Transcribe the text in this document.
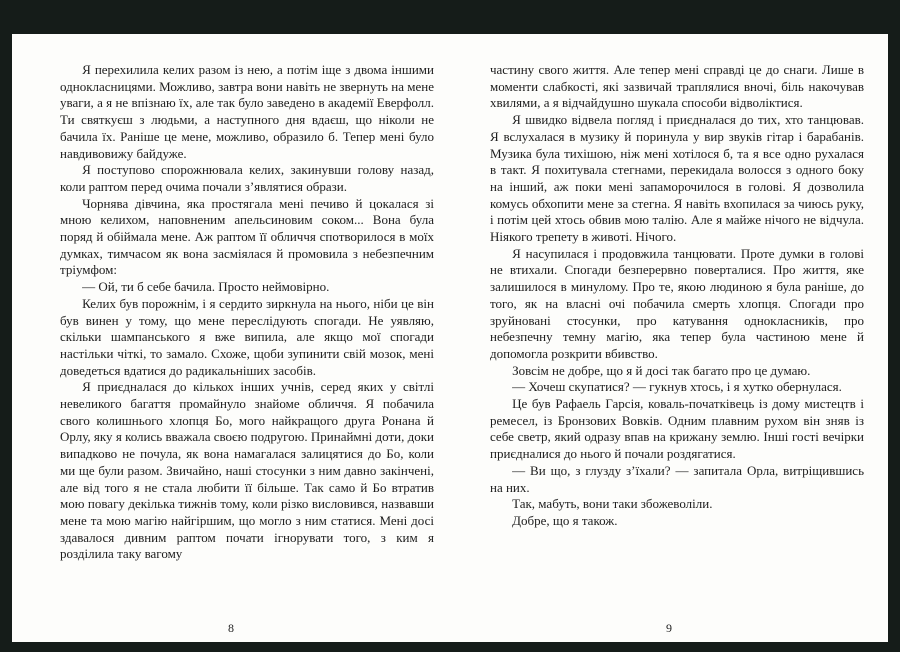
Я перехилила келих разом із нею, а потім іще з двома іншими однокласницями. Можливо, завтра вони навіть не звернуть на мене уваги, а я не впізнаю їх, але так було заведено в академії Еверфолл. Ти святкуєш з людьми, а наступного дня вдаєш, що ніколи не бачила їх. Раніше це мене, можливо, образило б. Тепер мені було навдивовижу байдуже.

Я поступово спорожнювала келих, закинувши голову назад, коли раптом перед очима почали з’являтися образи.

Чорнява дівчина, яка простягала мені печиво й цокалася зі мною келихом, наповненим апельсиновим соком... Вона була поряд й обіймала мене. Аж раптом її обличчя спотворилося в моїх думках, тимчасом як вона засміялася й промовила з небезпечним тріумфом:

— Ой, ти б себе бачила. Просто неймовірно.

Келих був порожнім, і я сердито зиркнула на нього, ніби це він був винен у тому, що мене переслідують спогади. Не уявляю, скільки шампанського я вже випила, але якщо мої спогади настільки чіткі, то замало. Схоже, щоби зупинити свій мозок, мені доведеться вдатися до радикальніших засобів.

Я приєдналася до кількох інших учнів, серед яких у світлі невеликого багаття промайнуло знайоме обличчя. Я побачила свого колишнього хлопця Бо, мого найкращого друга Ронана й Орлу, яку я колись вважала своєю подругою. Принаймні доти, доки випадково не почула, як вона намагалася залицятися до Бо, коли ми ще були разом. Звичайно, наші стосунки з ним давно закінчені, але від того я не стала любити її більше. Так само й Бо втратив мою повагу декілька тижнів тому, коли різко висловився, назвавши мене та мою магію найгіршим, що могло з ним статися. Мені досі здавалося дивним раптом почати ігнорувати того, з ким я розділила таку вагому

8

частину свого життя. Але тепер мені справді це до снаги. Лише в моменти слабкості, які зазвичай траплялися вночі, біль накочував хвилями, а я відчайдушно шукала способи відволіктися.

Я швидко відвела погляд і приєдналася до тих, хто танцював. Я вслухалася в музику й поринула у вир звуків гітар і барабанів. Музика була тихішою, ніж мені хотілося б, та я все одно рухалася в такт. Я похитувала стегнами, перекидала волосся з одного боку на інший, аж поки мені запаморочилося в голові. Я дозволила комусь обхопити мене за стегна. Я навіть вхопилася за чиюсь руку, і потім цей хтось обвив мою талію. Але я майже нічого не відчула. Ніякого трепету в животі. Нічого.

Я насупилася і продовжила танцювати. Проте думки в голові не втихали. Спогади безперервно поверталися. Про життя, яке залишилося в минулому. Про те, якою людиною я була раніше, до того, як на власні очі побачила смерть хлопця. Спогади про зруйновані стосунки, про катування однокласників, про небезпечну темну магію, яка тепер була частиною мене й допомогла розкрити вбивство.

Зовсім не добре, що я й досі так багато про це думаю.

— Хочеш скупатися? — гукнув хтось, і я хутко обернулася.

Це був Рафаель Гарсія, коваль-початківець із дому мистецтв і ремесел, із Бронзових Вовків. Одним плавним рухом він зняв із себе светр, який одразу впав на крижану землю. Інші гості вечірки приєдналися до нього й почали роздягатися.

— Ви що, з глузду з’їхали? — запитала Орла, витріщившись на них.

Так, мабуть, вони таки збожеволіли.

Добре, що я також.

9
